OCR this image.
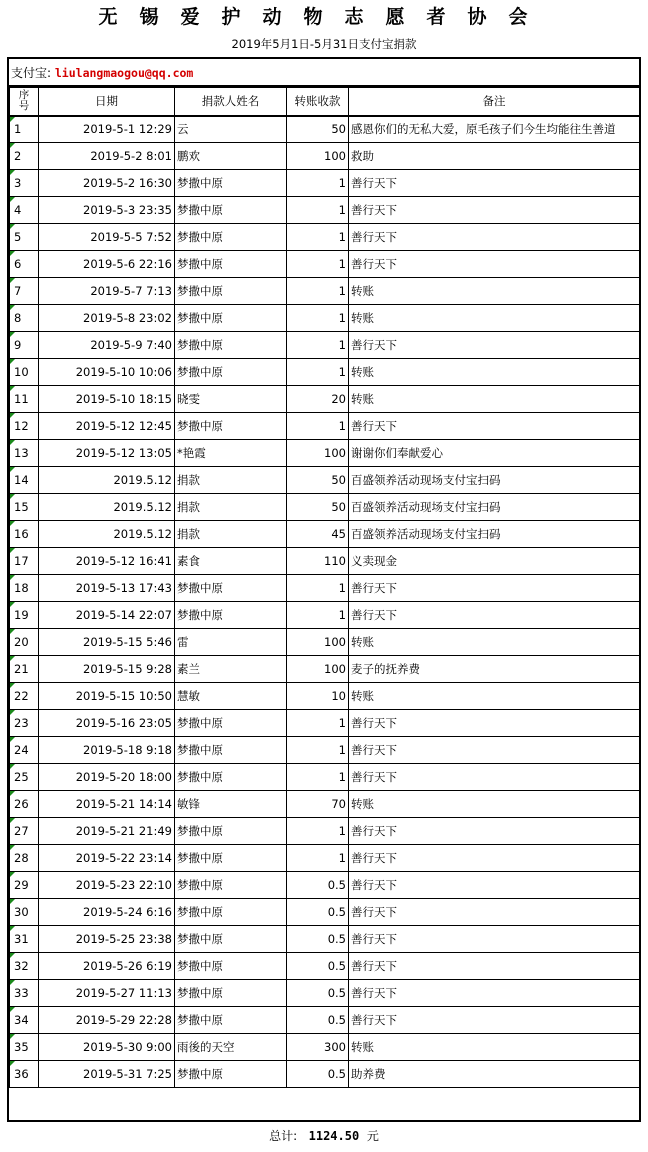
无锡爱护动物志愿者协会
2019年5月1日-5月31日支付宝捐款
支付宝: liulangmaogou@qq.com
序号	日期	捐款人姓名	转账收款	备注
1	2019-5-1 12:29	云	50	感恩你们的无私大爱，原毛孩子们今生均能往生善道
2	2019-5-2 8:01	鹏欢	100	救助
3	2019-5-2 16:30	梦撒中原	1	善行天下
4	2019-5-3 23:35	梦撒中原	1	善行天下
5	2019-5-5 7:52	梦撒中原	1	善行天下
6	2019-5-6 22:16	梦撒中原	1	善行天下
7	2019-5-7 7:13	梦撒中原	1	转账
8	2019-5-8 23:02	梦撒中原	1	转账
9	2019-5-9 7:40	梦撒中原	1	善行天下
10	2019-5-10 10:06	梦撒中原	1	转账
11	2019-5-10 18:15	晓雯	20	转账
12	2019-5-12 12:45	梦撒中原	1	善行天下
13	2019-5-12 13:05	*艳霞	100	谢谢你们奉献爱心
14	2019.5.12	捐款	50	百盛领养活动现场支付宝扫码
15	2019.5.12	捐款	50	百盛领养活动现场支付宝扫码
16	2019.5.12	捐款	45	百盛领养活动现场支付宝扫码
17	2019-5-12 16:41	素食	110	义卖现金
18	2019-5-13 17:43	梦撒中原	1	善行天下
19	2019-5-14 22:07	梦撒中原	1	善行天下
20	2019-5-15 5:46	雷	100	转账
21	2019-5-15 9:28	素兰	100	麦子的抚养费
22	2019-5-15 10:50	慧敏	10	转账
23	2019-5-16 23:05	梦撒中原	1	善行天下
24	2019-5-18 9:18	梦撒中原	1	善行天下
25	2019-5-20 18:00	梦撒中原	1	善行天下
26	2019-5-21 14:14	敏锋	70	转账
27	2019-5-21 21:49	梦撒中原	1	善行天下
28	2019-5-22 23:14	梦撒中原	1	善行天下
29	2019-5-23 22:10	梦撒中原	0.5	善行天下
30	2019-5-24 6:16	梦撒中原	0.5	善行天下
31	2019-5-25 23:38	梦撒中原	0.5	善行天下
32	2019-5-26 6:19	梦撒中原	0.5	善行天下
33	2019-5-27 11:13	梦撒中原	0.5	善行天下
34	2019-5-29 22:28	梦撒中原	0.5	善行天下
35	2019-5-30 9:00	雨後的天空	300	转账
36	2019-5-31 7:25	梦撒中原	0.5	助养费
总计: 1124.50 元
